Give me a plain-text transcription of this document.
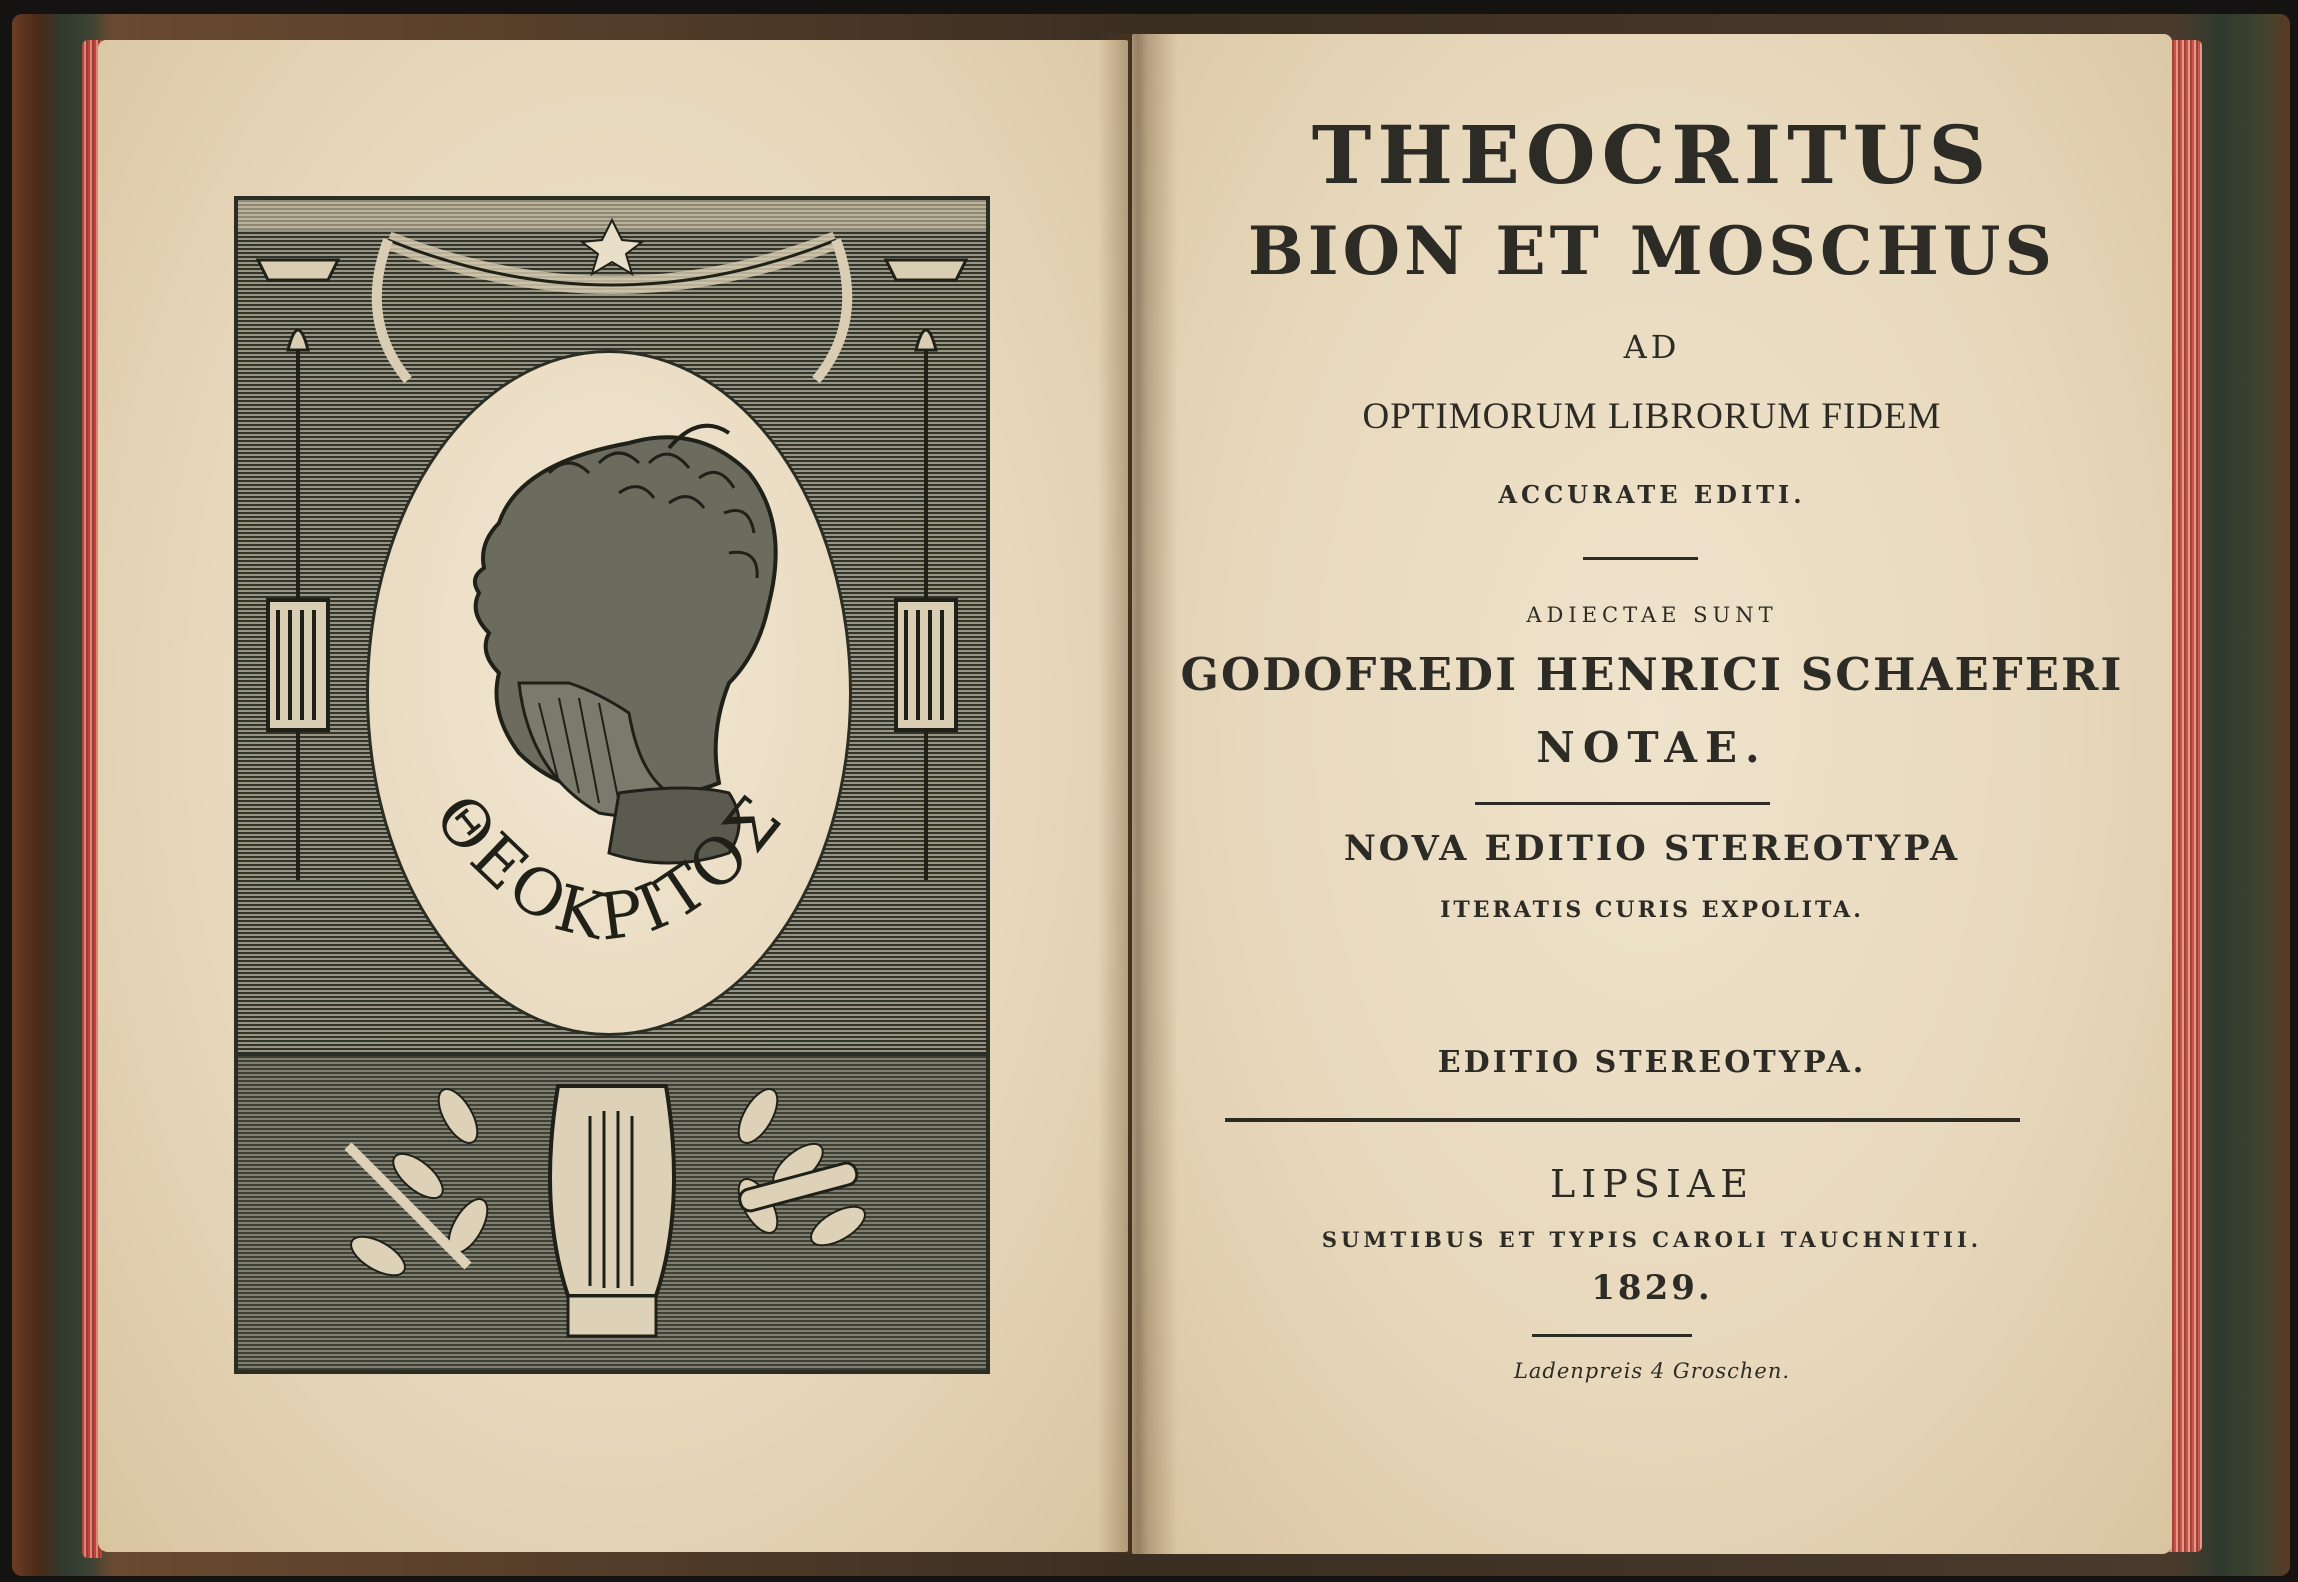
ΘΕΟΚΡΙΤΟΣ
THEOCRITUS
BION ET MOSCHUS
AD
OPTIMORUM LIBRORUM FIDEM
ACCURATE EDITI.
ADIECTAE SUNT
GODOFREDI HENRICI SCHAEFERI
NOTAE.
NOVA EDITIO STEREOTYPA
ITERATIS CURIS EXPOLITA.
EDITIO STEREOTYPA.
LIPSIAE
SUMTIBUS ET TYPIS CAROLI TAUCHNITII.
1829.
Ladenpreis 4 Groschen.
